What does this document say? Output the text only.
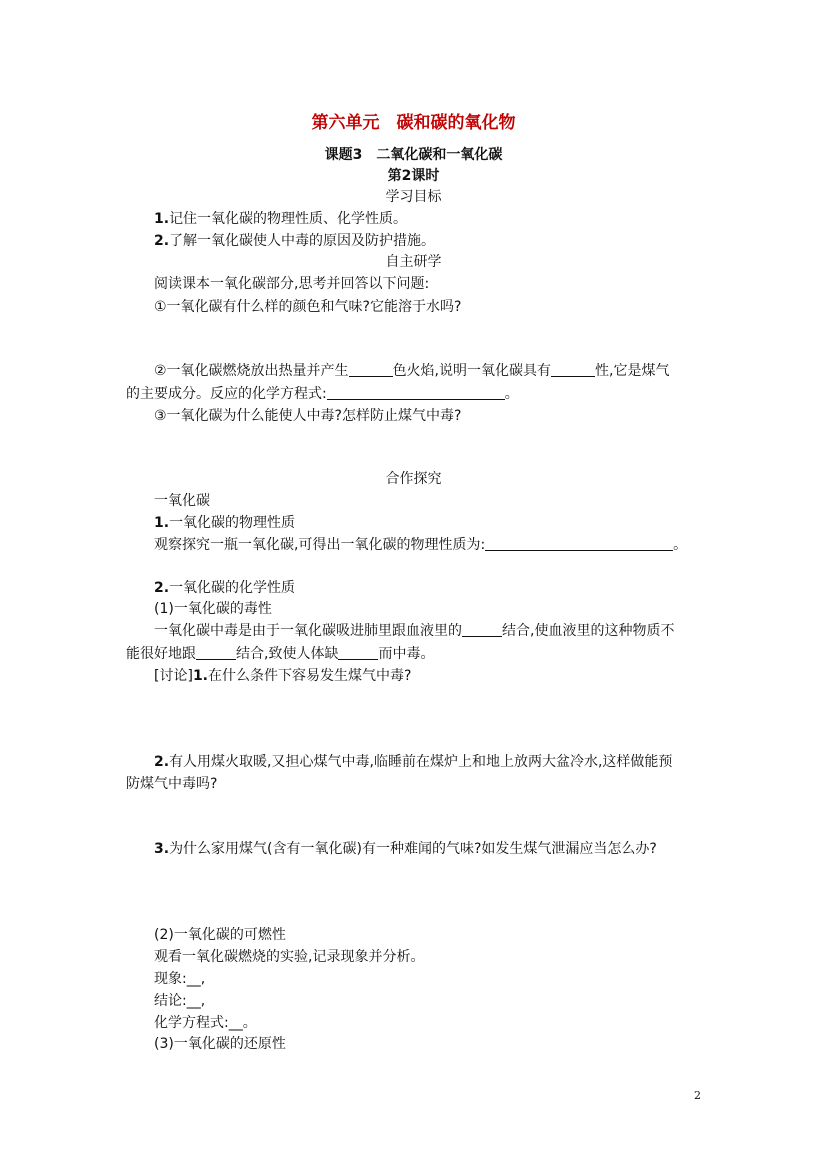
第六单元　碳和碳的氧化物
课题3　二氧化碳和一氧化碳
第2课时
学习目标
1.记住一氧化碳的物理性质、化学性质。
2.了解一氧化碳使人中毒的原因及防护措施。
自主研学
阅读课本一氧化碳部分,思考并回答以下问题:
①一氧化碳有什么样的颜色和气味?它能溶于水吗?
②一氧化碳燃烧放出热量并产生	色火焰,说明一氧化碳具有	性,它是煤气
的主要成分。反应的化学方程式:	。
③一氧化碳为什么能使人中毒?怎样防止煤气中毒?
合作探究
一氧化碳
1.一氧化碳的物理性质
观察探究一瓶一氧化碳,可得出一氧化碳的物理性质为:	。
2.一氧化碳的化学性质
(1)一氧化碳的毒性
一氧化碳中毒是由于一氧化碳吸进肺里跟血液里的	结合,使血液里的这种物质不
能很好地跟	结合,致使人体缺	而中毒。
[讨论]1.在什么条件下容易发生煤气中毒?
2.有人用煤火取暖,又担心煤气中毒,临睡前在煤炉上和地上放两大盆冷水,这样做能预
防煤气中毒吗?
3.为什么家用煤气(含有一氧化碳)有一种难闻的气味?如发生煤气泄漏应当怎么办?
(2)一氧化碳的可燃性
观看一氧化碳燃烧的实验,记录现象并分析。
现象:__,
结论:__,
化学方程式:__。
(3)一氧化碳的还原性
2
